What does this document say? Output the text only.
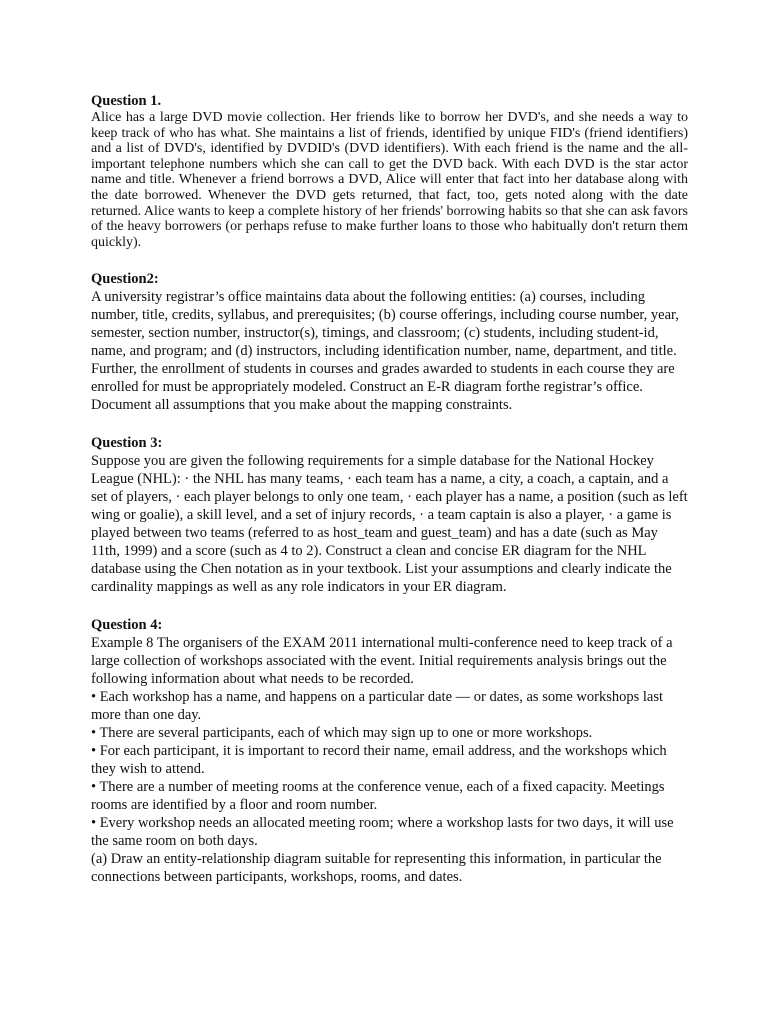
Question 1.

Alice has a large DVD movie collection. Her friends like to borrow her DVD's, and she needs a way to keep track of who has what. She maintains a list of friends, identified by unique FID's (friend identifiers) and a list of DVD's, identified by DVDID's (DVD identifiers). With each friend is the name and the all-important telephone numbers which she can call to get the DVD back. With each DVD is the star actor name and title. Whenever a friend borrows a DVD, Alice will enter that fact into her database along with the date borrowed. Whenever the DVD gets returned, that fact, too, gets noted along with the date returned. Alice wants to keep a complete history of her friends' borrowing habits so that she can ask favors of the heavy borrowers (or perhaps refuse to make further loans to those who habitually don't return them quickly).

Question2:

A university registrar’s office maintains data about the following entities: (a) courses, including number, title, credits, syllabus, and prerequisites; (b) course offerings, including course number, year, semester, section number, instructor(s), timings, and classroom; (c) students, including student-id, name, and program; and (d) instructors, including identification number, name, department, and title. Further, the enrollment of students in courses and grades awarded to students in each course they are enrolled for must be appropriately modeled. Construct an E-R diagram forthe registrar’s office. Document all assumptions that you make about the mapping constraints.

Question 3:

Suppose you are given the following requirements for a simple database for the National Hockey League (NHL): · the NHL has many teams, · each team has a name, a city, a coach, a captain, and a set of players, · each player belongs to only one team, · each player has a name, a position (such as left wing or goalie), a skill level, and a set of injury records, · a team captain is also a player, · a game is played between two teams (referred to as host_team and guest_team) and has a date (such as May 11th, 1999) and a score (such as 4 to 2). Construct a clean and concise ER diagram for the NHL database using the Chen notation as in your textbook. List your assumptions and clearly indicate the cardinality mappings as well as any role indicators in your ER diagram.

Question 4:

Example 8 The organisers of the EXAM 2011 international multi-conference need to keep track of a large collection of workshops associated with the event. Initial requirements analysis brings out the following information about what needs to be recorded.

• Each workshop has a name, and happens on a particular date — or dates, as some workshops last more than one day.

• There are several participants, each of which may sign up to one or more workshops.

• For each participant, it is important to record their name, email address, and the workshops which they wish to attend.

• There are a number of meeting rooms at the conference venue, each of a fixed capacity. Meetings rooms are identified by a floor and room number.

• Every workshop needs an allocated meeting room; where a workshop lasts for two days, it will use the same room on both days.

(a) Draw an entity-relationship diagram suitable for representing this information, in particular the connections between participants, workshops, rooms, and dates.
